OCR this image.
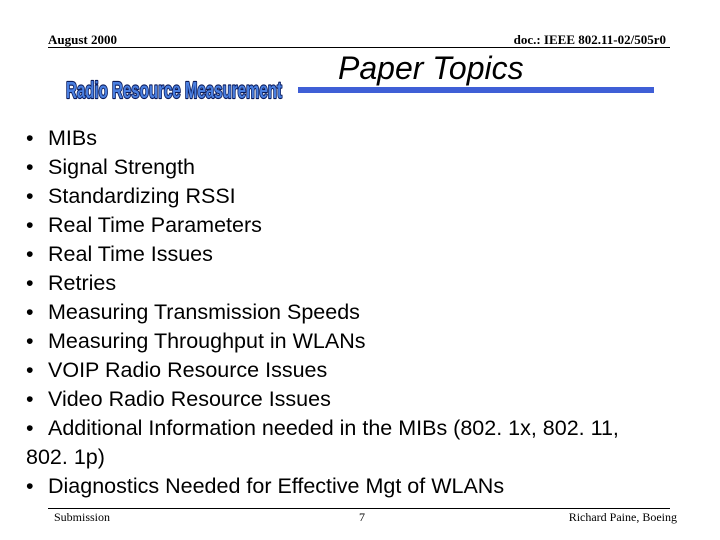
August 2000	doc.: IEEE 802.11-02/505r0
Radio Resource Measurement
Paper Topics
• MIBs
• Signal Strength
• Standardizing RSSI
• Real Time Parameters
• Real Time Issues
• Retries
• Measuring Transmission Speeds
• Measuring Throughput in WLANs
• VOIP Radio Resource Issues
• Video Radio Resource Issues
• Additional Information needed in the MIBs (802. 1x, 802. 11,
802. 1p)
• Diagnostics Needed for Effective Mgt of WLANs
Submission	7	Richard Paine, Boeing
